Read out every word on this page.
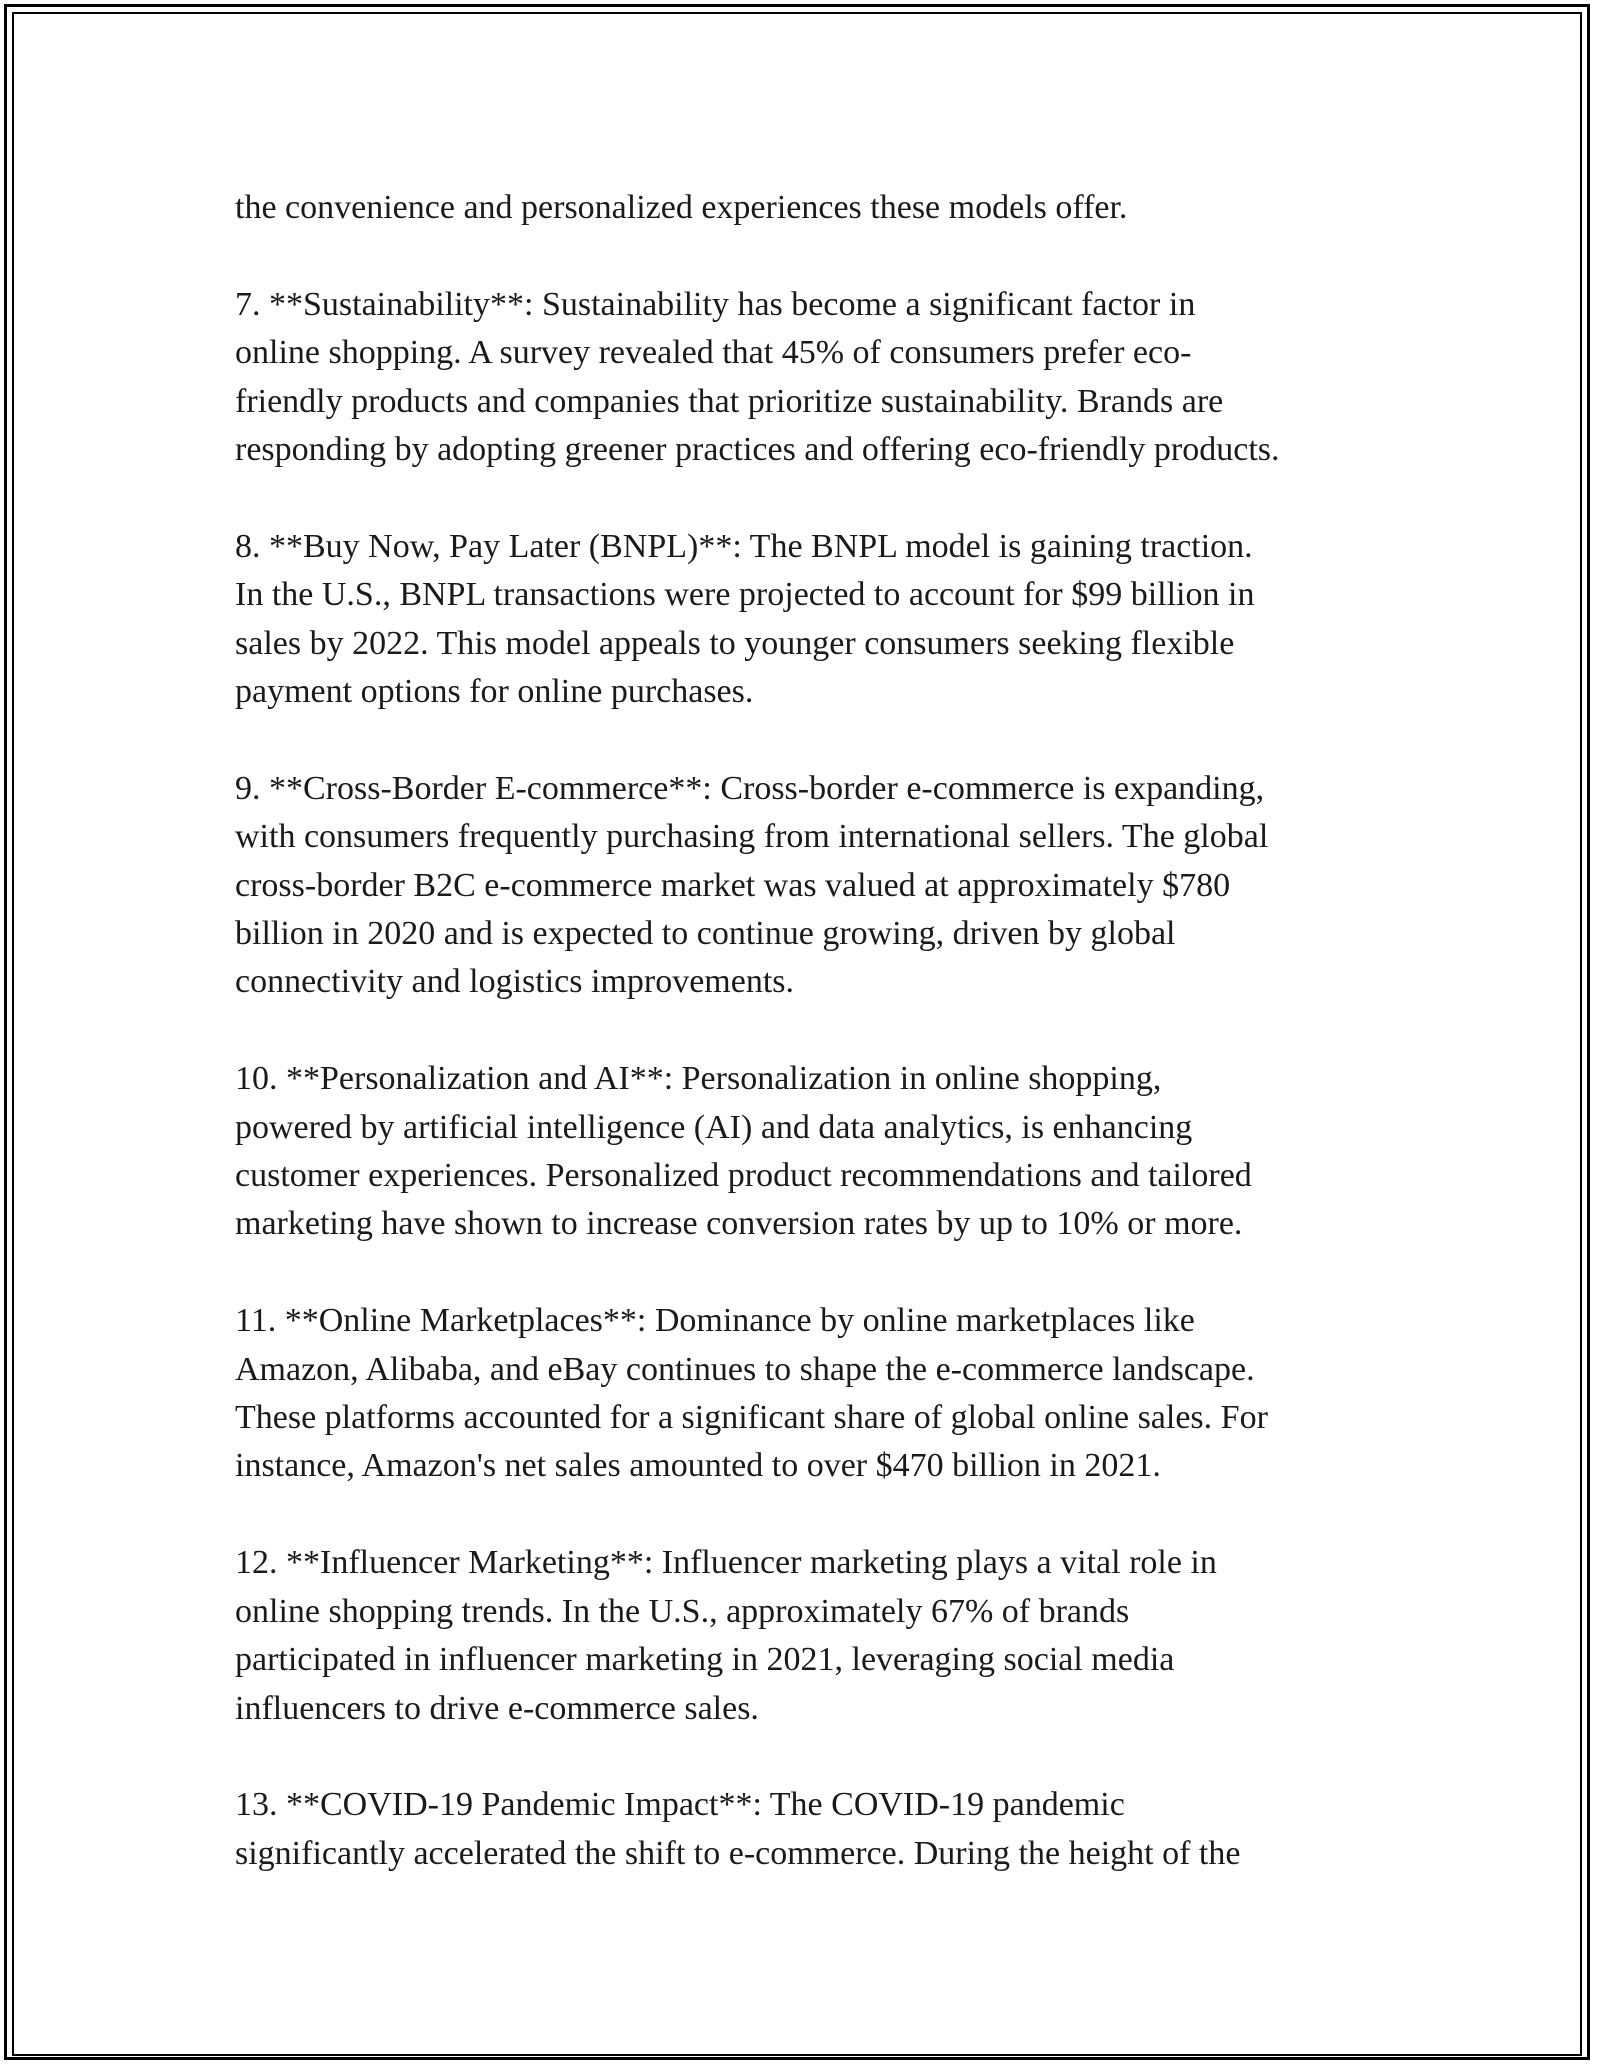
the convenience and personalized experiences these models offer.

7. **Sustainability**: Sustainability has become a significant factor in
online shopping. A survey revealed that 45% of consumers prefer eco-
friendly products and companies that prioritize sustainability. Brands are
responding by adopting greener practices and offering eco-friendly products.

8. **Buy Now, Pay Later (BNPL)**: The BNPL model is gaining traction.
In the U.S., BNPL transactions were projected to account for $99 billion in
sales by 2022. This model appeals to younger consumers seeking flexible
payment options for online purchases.

9. **Cross-Border E-commerce**: Cross-border e-commerce is expanding,
with consumers frequently purchasing from international sellers. The global
cross-border B2C e-commerce market was valued at approximately $780
billion in 2020 and is expected to continue growing, driven by global
connectivity and logistics improvements.

10. **Personalization and AI**: Personalization in online shopping,
powered by artificial intelligence (AI) and data analytics, is enhancing
customer experiences. Personalized product recommendations and tailored
marketing have shown to increase conversion rates by up to 10% or more.

11. **Online Marketplaces**: Dominance by online marketplaces like
Amazon, Alibaba, and eBay continues to shape the e-commerce landscape.
These platforms accounted for a significant share of global online sales. For
instance, Amazon's net sales amounted to over $470 billion in 2021.

12. **Influencer Marketing**: Influencer marketing plays a vital role in
online shopping trends. In the U.S., approximately 67% of brands
participated in influencer marketing in 2021, leveraging social media
influencers to drive e-commerce sales.

13. **COVID-19 Pandemic Impact**: The COVID-19 pandemic
significantly accelerated the shift to e-commerce. During the height of the
